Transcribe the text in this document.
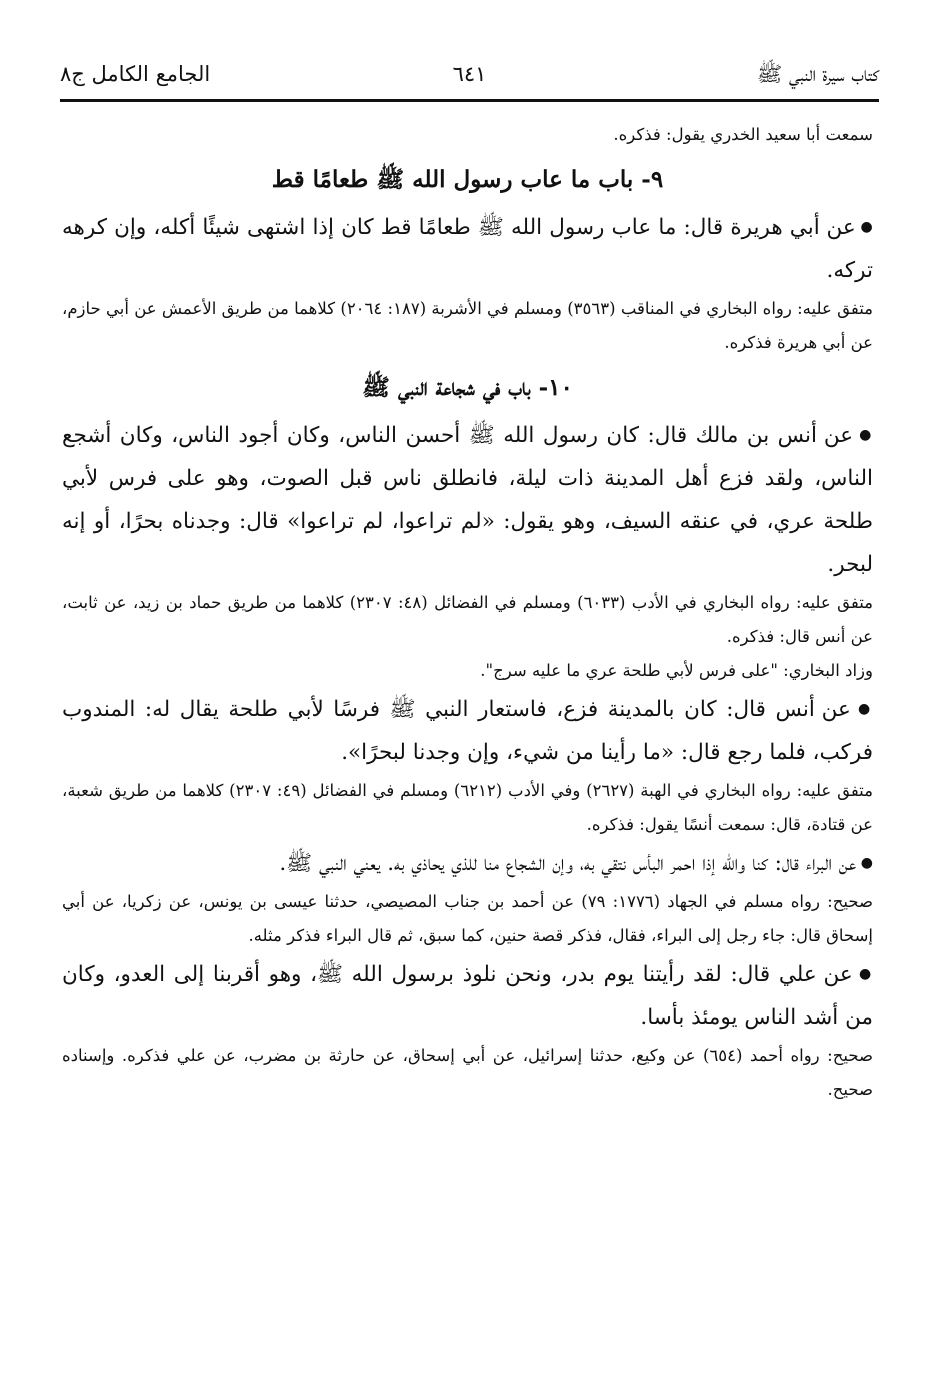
كتاب سيرة النبي ﷺ
٦٤١
الجامع الكامل ج٨

سمعت أبا سعيد الخدري يقول: فذكره.

٩- باب ما عاب رسول الله ﷺ طعامًا قط

● عن أبي هريرة قال: ما عاب رسول الله ﷺ طعامًا قط كان إذا اشتهى شيئًا أكله، وإن كرهه تركه.

متفق عليه: رواه البخاري في المناقب (٣٥٦٣) ومسلم في الأشربة (١٨٧: ٢٠٦٤) كلاهما من طريق الأعمش عن أبي حازم، عن أبي هريرة فذكره.

١٠- باب في شجاعة النبي ﷺ

● عن أنس بن مالك قال: كان رسول الله ﷺ أحسن الناس، وكان أجود الناس، وكان أشجع الناس، ولقد فزع أهل المدينة ذات ليلة، فانطلق ناس قبل الصوت، وهو على فرس لأبي طلحة عري، في عنقه السيف، وهو يقول: «لم تراعوا، لم تراعوا» قال: وجدناه بحرًا، أو إنه لبحر.

متفق عليه: رواه البخاري في الأدب (٦٠٣٣) ومسلم في الفضائل (٤٨: ٢٣٠٧) كلاهما من طريق حماد بن زيد، عن ثابت، عن أنس قال: فذكره.

وزاد البخاري: "على فرس لأبي طلحة عري ما عليه سرج".

● عن أنس قال: كان بالمدينة فزع، فاستعار النبي ﷺ فرسًا لأبي طلحة يقال له: المندوب فركب، فلما رجع قال: «ما رأينا من شيء، وإن وجدنا لبحرًا».

متفق عليه: رواه البخاري في الهبة (٢٦٢٧) وفي الأدب (٦٢١٢) ومسلم في الفضائل (٤٩: ٢٣٠٧) كلاهما من طريق شعبة، عن قتادة، قال: سمعت أنسًا يقول: فذكره.

● عن البراء قال: كنا والله إذا احمر البأس نتقي به، وإن الشجاع منا للذي يحاذي به. يعني النبي ﷺ.

صحيح: رواه مسلم في الجهاد (١٧٧٦: ٧٩) عن أحمد بن جناب المصيصي، حدثنا عيسى بن يونس، عن زكريا، عن أبي إسحاق قال: جاء رجل إلى البراء، فقال، فذكر قصة حنين، كما سبق، ثم قال البراء فذكر مثله.

● عن علي قال: لقد رأيتنا يوم بدر، ونحن نلوذ برسول الله ﷺ، وهو أقربنا إلى العدو، وكان من أشد الناس يومئذ بأسا.

صحيح: رواه أحمد (٦٥٤) عن وكيع، حدثنا إسرائيل، عن أبي إسحاق، عن حارثة بن مضرب، عن علي فذكره. وإسناده صحيح.
